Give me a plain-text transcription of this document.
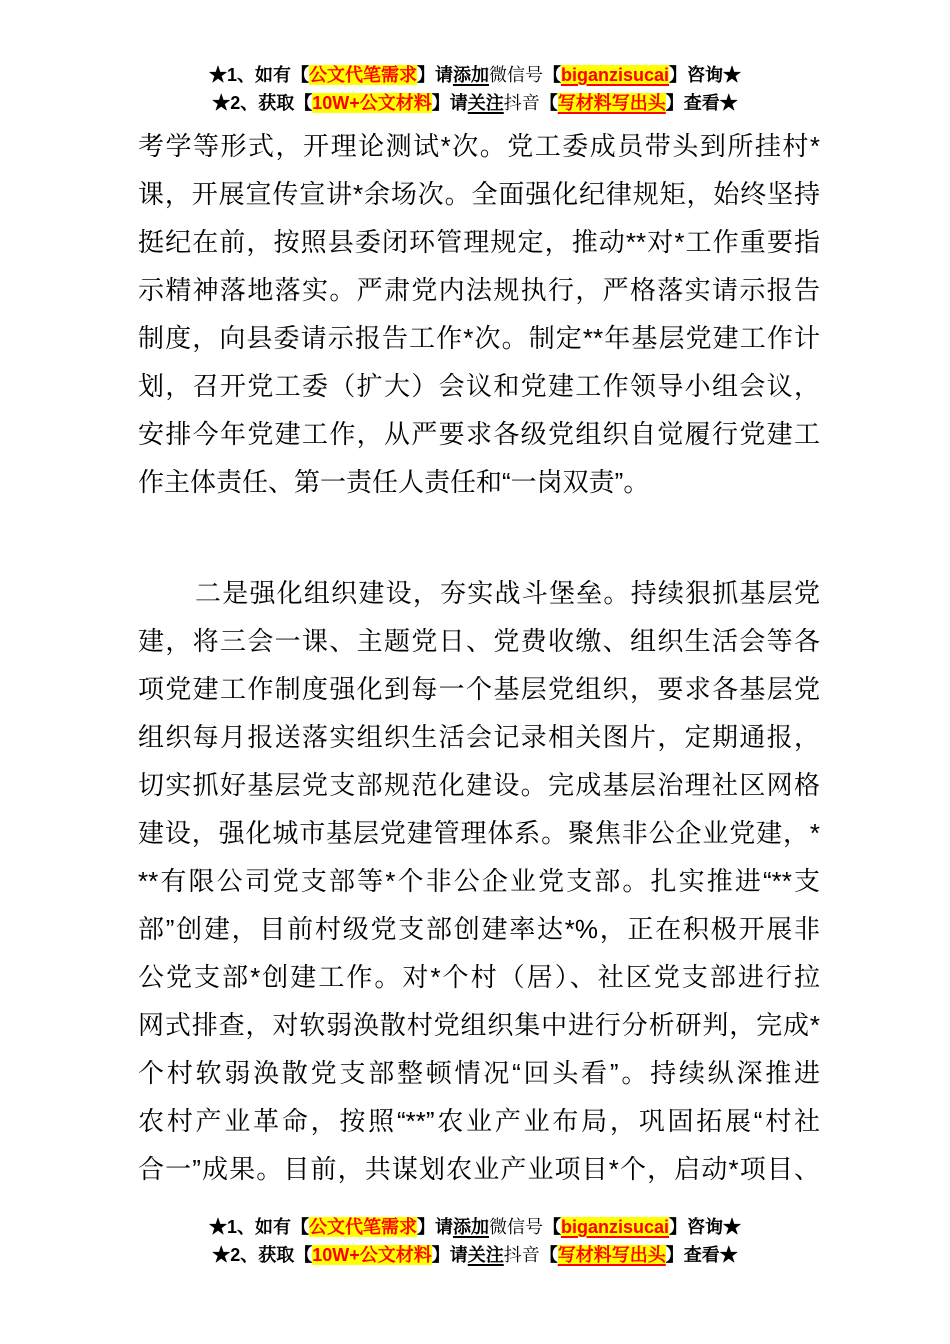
★1、如有【公文代笔需求】请添加微信号【biganzisucai】咨询★
★2、获取【10W+公文材料】请关注抖音【写材料写出头】查看★
考学等形式，开理论测试*次。党工委成员带头到所挂村*
课，开展宣传宣讲*余场次。全面强化纪律规矩，始终坚持
挺纪在前，按照县委闭环管理规定，推动**对*工作重要指
示精神落地落实。严肃党内法规执行，严格落实请示报告
制度，向县委请示报告工作*次。制定**年基层党建工作计
划，召开党工委（扩大）会议和党建工作领导小组会议，
安排今年党建工作，从严要求各级党组织自觉履行党建工
作主体责任、第一责任人责任和“一岗双责”。
二是强化组织建设，夯实战斗堡垒。持续狠抓基层党
建，将三会一课、主题党日、党费收缴、组织生活会等各
项党建工作制度强化到每一个基层党组织，要求各基层党
组织每月报送落实组织生活会记录相关图片，定期通报，
切实抓好基层党支部规范化建设。完成基层治理社区网格
建设，强化城市基层党建管理体系。聚焦非公企业党建，*
**有限公司党支部等*个非公企业党支部。扎实推进“**支
部”创建，目前村级党支部创建率达*%，正在积极开展非
公党支部*创建工作。对*个村（居）、社区党支部进行拉
网式排查，对软弱涣散村党组织集中进行分析研判，完成*
个村软弱涣散党支部整顿情况“回头看”。持续纵深推进
农村产业革命，按照“**”农业产业布局，巩固拓展“村社
合一”成果。目前，共谋划农业产业项目*个，启动*项目、
★1、如有【公文代笔需求】请添加微信号【biganzisucai】咨询★
★2、获取【10W+公文材料】请关注抖音【写材料写出头】查看★
